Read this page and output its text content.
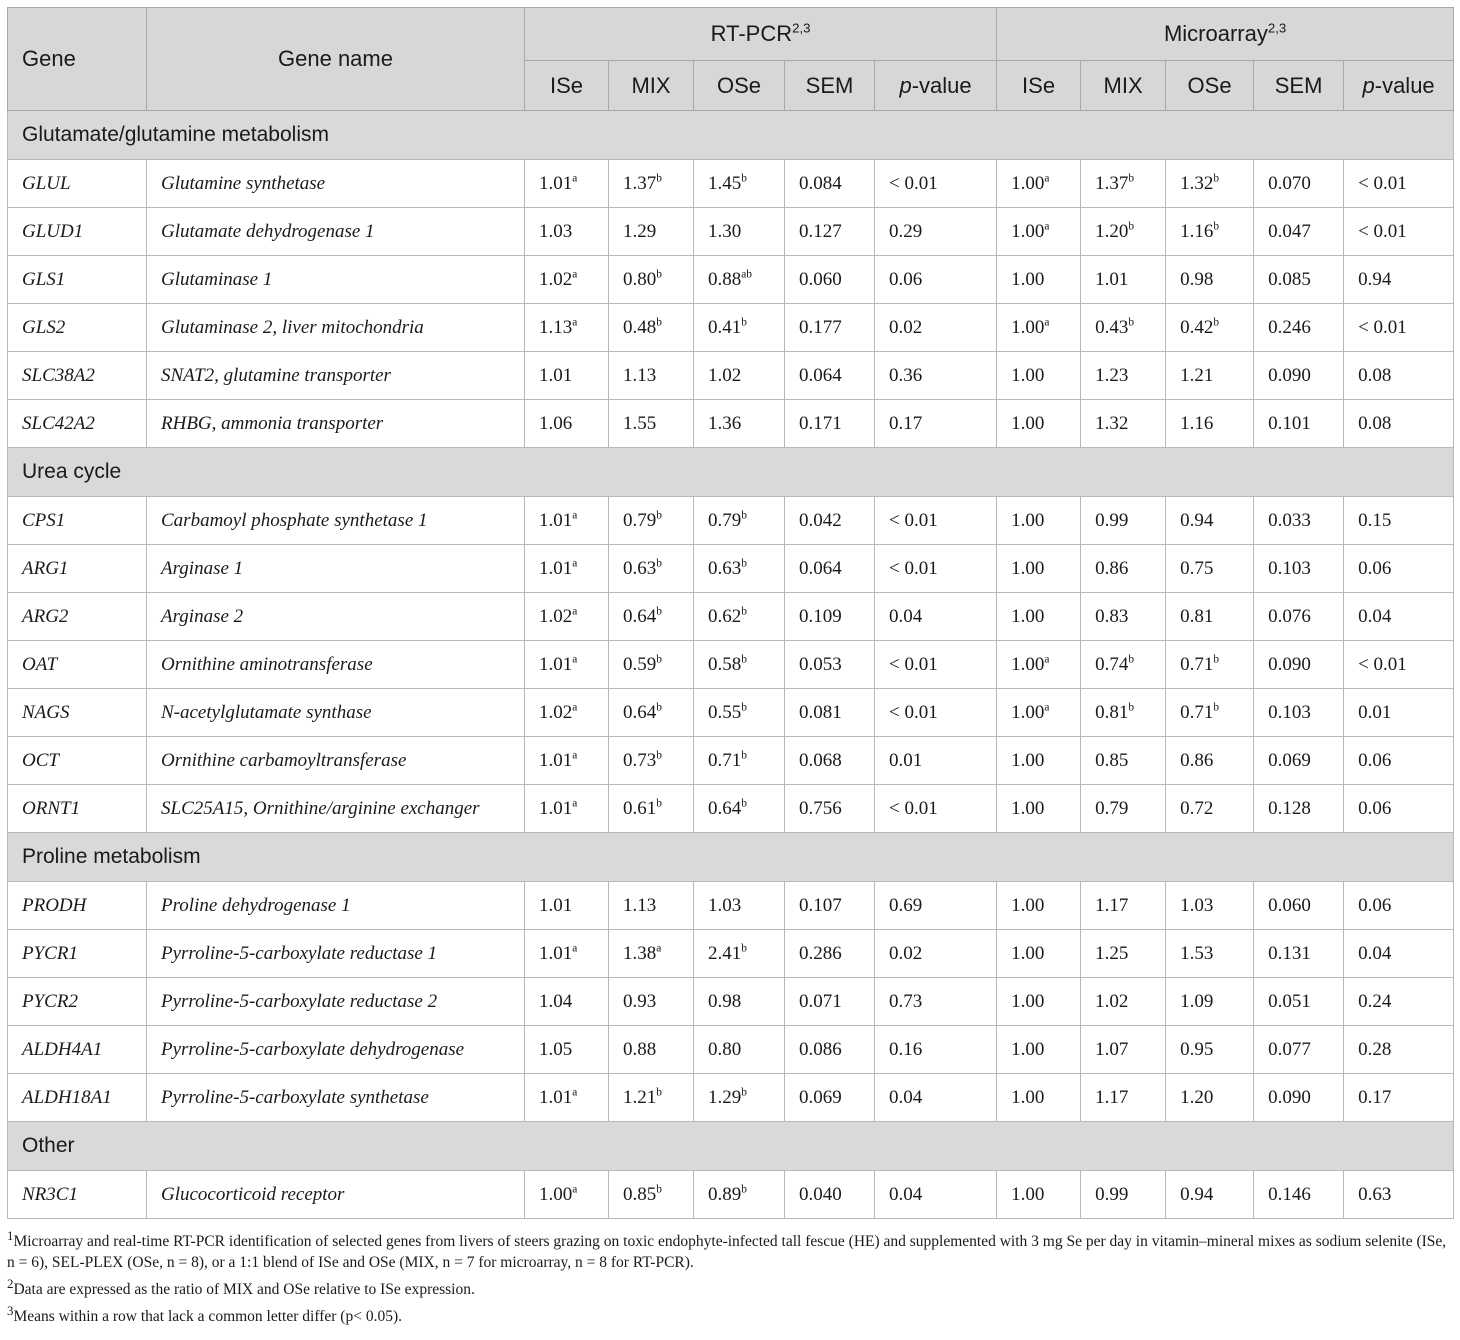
Gene	Gene name	RT-PCR$^{2,3}$					Microarray$^{2,3}$
		ISe	MIX	OSe	SEM	p-value	ISe	MIX	OSe	SEM	p-value
Glutamate/glutamine metabolism											
GLUL	Glutamine synthetase	1.01$^a$	1.37$^b$	1.45$^b$	0.084	< 0.01	1.00$^a$	1.37$^b$	1.32$^b$	0.070	< 0.01
GLUD1	Glutamate dehydrogenase 1	1.03	1.29	1.30	0.127	0.29	1.00$^a$	1.20$^b$	1.16$^b$	0.047	< 0.01
GLS1	Glutaminase 1	1.02$^a$	0.80$^b$	0.88$^{ab}$	0.060	0.06	1.00	1.01	0.98	0.085	0.94
GLS2	Glutaminase 2, liver mitochondria	1.13$^a$	0.48$^b$	0.41$^b$	0.177	0.02	1.00$^a$	0.43$^b$	0.42$^b$	0.246	< 0.01
SLC38A2	SNAT2, glutamine transporter	1.01	1.13	1.02	0.064	0.36	1.00	1.23	1.21	0.090	0.08
SLC42A2	RHBG, ammonia transporter	1.06	1.55	1.36	0.171	0.17	1.00	1.32	1.16	0.101	0.08
Urea cycle											
CPS1	Carbamoyl phosphate synthetase 1	1.01$^a$	0.79$^b$	0.79$^b$	0.042	< 0.01	1.00	0.99	0.94	0.033	0.15
ARG1	Arginase 1	1.01$^a$	0.63$^b$	0.63$^b$	0.064	< 0.01	1.00	0.86	0.75	0.103	0.06
ARG2	Arginase 2	1.02$^a$	0.64$^b$	0.62$^b$	0.109	0.04	1.00	0.83	0.81	0.076	0.04
OAT	Ornithine aminotransferase	1.01$^a$	0.59$^b$	0.58$^b$	0.053	< 0.01	1.00$^a$	0.74$^b$	0.71$^b$	0.090	< 0.01
NAGS	N-acetylglutamate synthase	1.02$^a$	0.64$^b$	0.55$^b$	0.081	< 0.01	1.00$^a$	0.81$^b$	0.71$^b$	0.103	0.01
OCT	Ornithine carbamoyltransferase	1.01$^a$	0.73$^b$	0.71$^b$	0.068	0.01	1.00	0.85	0.86	0.069	0.06
ORNT1	SLC25A15, Ornithine/arginine exchanger	1.01$^a$	0.61$^b$	0.64$^b$	0.756	< 0.01	1.00	0.79	0.72	0.128	0.06
Proline metabolism											
PRODH	Proline dehydrogenase 1	1.01	1.13	1.03	0.107	0.69	1.00	1.17	1.03	0.060	0.06
PYCR1	Pyrroline-5-carboxylate reductase 1	1.01$^a$	1.38$^a$	2.41$^b$	0.286	0.02	1.00	1.25	1.53	0.131	0.04
PYCR2	Pyrroline-5-carboxylate reductase 2	1.04	0.93	0.98	0.071	0.73	1.00	1.02	1.09	0.051	0.24
ALDH4A1	Pyrroline-5-carboxylate dehydrogenase	1.05	0.88	0.80	0.086	0.16	1.00	1.07	0.95	0.077	0.28
ALDH18A1	Pyrroline-5-carboxylate synthetase	1.01$^a$	1.21$^b$	1.29$^b$	0.069	0.04	1.00	1.17	1.20	0.090	0.17
Other											
NR3C1	Glucocorticoid receptor	1.00$^a$	0.85$^b$	0.89$^b$	0.040	0.04	1.00	0.99	0.94	0.146	0.63

$^1$Microarray and real-time RT-PCR identification of selected genes from livers of steers grazing on toxic endophyte-infected tall fescue (HE) and supplemented with 3 mg Se per day in vitamin–mineral mixes as sodium selenite (ISe, n = 6), SEL-PLEX (OSe, n = 8), or a 1:1 blend of ISe and OSe (MIX, n = 7 for microarray, n = 8 for RT-PCR).

$^2$Data are expressed as the ratio of MIX and OSe relative to ISe expression.

$^3$Means within a row that lack a common letter differ (p< 0.05).
